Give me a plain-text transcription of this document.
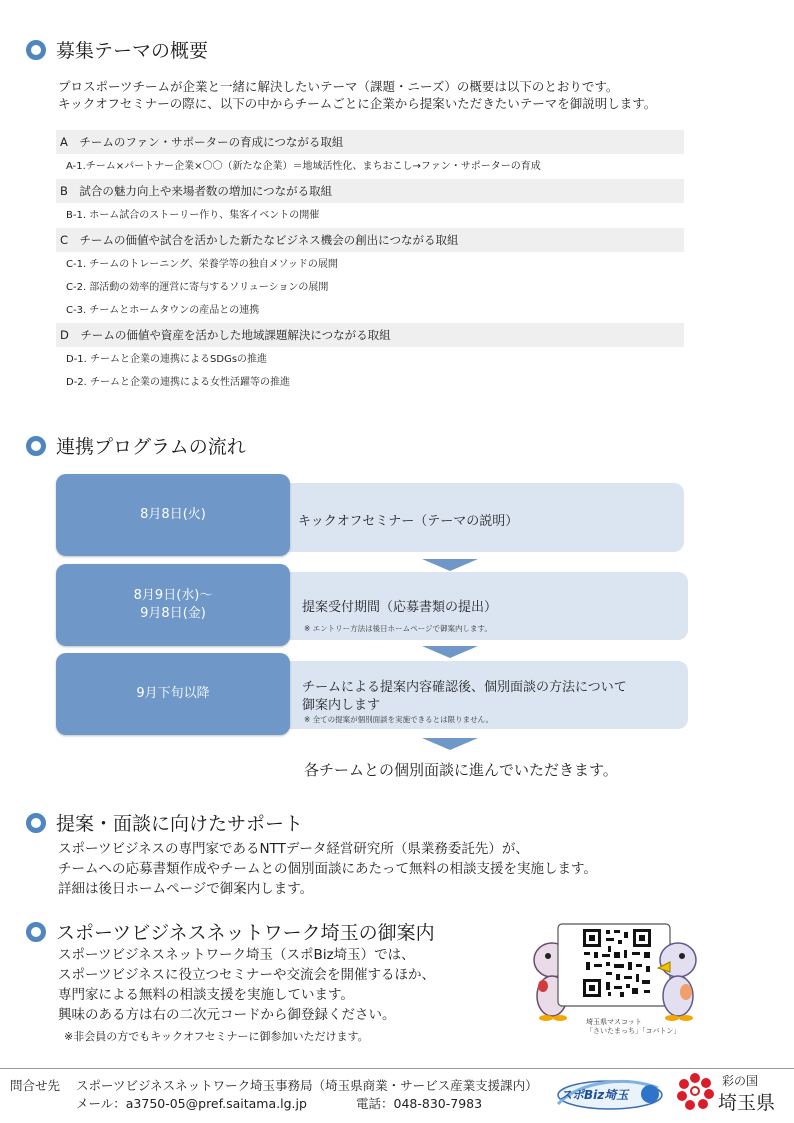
募集テーマの概要
プロスポーツチームが企業と一緒に解決したいテーマ（課題・ニーズ）の概要は以下のとおりです。
キックオフセミナーの際に、以下の中からチームごとに企業から提案いただきたいテーマを御説明します。
A　チームのファン・サポーターの育成につながる取組
A-1.チーム×パートナー企業×〇〇（新たな企業）＝地域活性化、まちおこし→ファン・サポーターの育成
B　試合の魅力向上や来場者数の増加につながる取組
B-1. ホーム試合のストーリー作り、集客イベントの開催
C　チームの価値や試合を活かした新たなビジネス機会の創出につながる取組
C-1. チームのトレーニング、栄養学等の独自メソッドの展開
C-2. 部活動の効率的運営に寄与するソリューションの展開
C-3. チームとホームタウンの産品との連携
D　チームの価値や資産を活かした地域課題解決につながる取組
D-1. チームと企業の連携によるSDGsの推進
D-2. チームと企業の連携による女性活躍等の推進
連携プログラムの流れ
8月8日(火)	キックオフセミナー（テーマの説明）
8月9日(水)～
9月8日(金)	提案受付期間（応募書類の提出）
※ エントリー方法は後日ホームページで御案内します。
9月下旬以降	チームによる提案内容確認後、個別面談の方法について
御案内します
※ 全ての提案が個別面談を実施できるとは限りません。
各チームとの個別面談に進んでいただきます。
提案・面談に向けたサポート
スポーツビジネスの専門家であるNTTデータ経営研究所（県業務委託先）が、
チームへの応募書類作成やチームとの個別面談にあたって無料の相談支援を実施します。
詳細は後日ホームページで御案内します。
スポーツビジネスネットワーク埼玉の御案内
スポーツビジネスネットワーク埼玉（スポBiz埼玉）では、
スポーツビジネスに役立つセミナーや交流会を開催するほか、
専門家による無料の相談支援を実施しています。
興味のある方は右の二次元コードから御登録ください。
※非会員の方でもキックオフセミナーに御参加いただけます。
埼玉県マスコット
「さいたまっち」「コバトン」
問合せ先 スポーツビジネスネットワーク埼玉事務局（埼玉県商業・サービス産業支援課内）
メール：a3750-05@pref.saitama.lg.jp	電話：048-830-7983
スポBiz埼玉
彩の国
埼玉県
